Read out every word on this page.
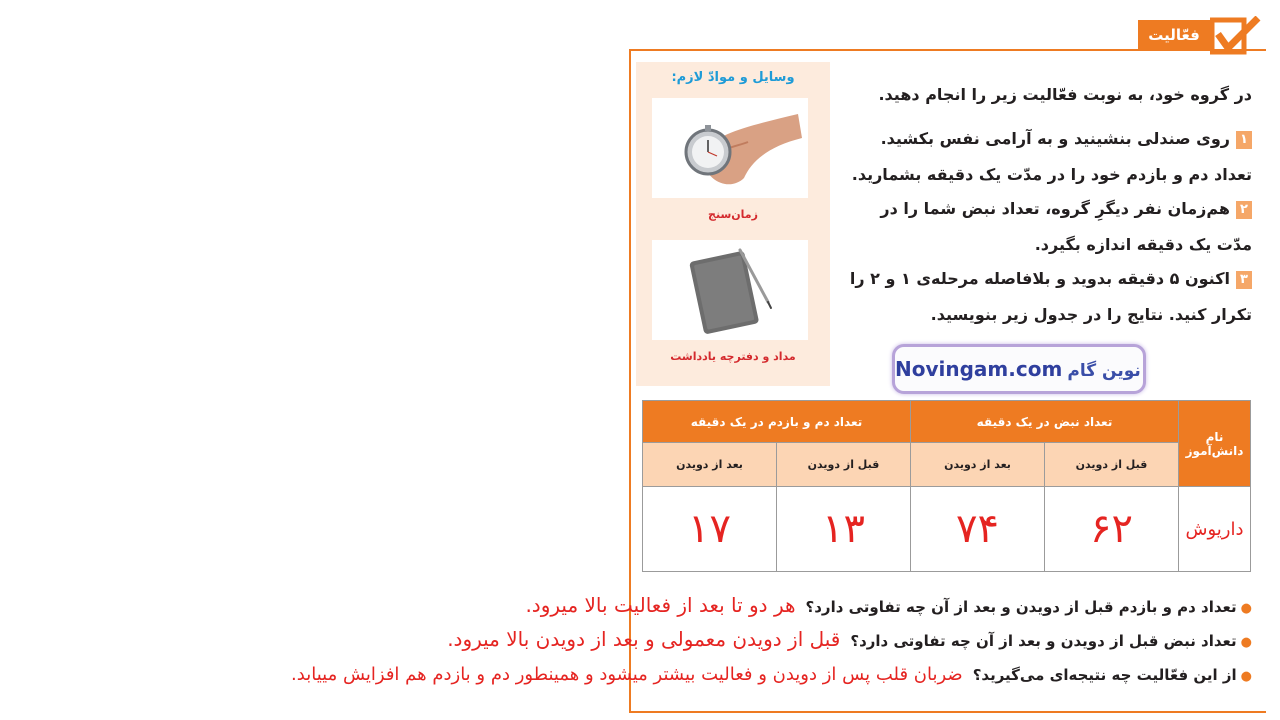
فعّالیت
وسایل و موادّ لازم:
زمان‌سنج
مداد و دفترچه یادداشت
در گروه خود، به نوبت فعّالیت زیر را انجام دهید.
۱روی صندلی بنشینید و به آرامی نفس بکشید. تعداد دم و بازدم خود را در مدّت یک دقیقه بشمارید.
۲هم‌زمان نفر دیگرِ گروه، تعداد نبض شما را در مدّت یک دقیقه اندازه بگیرد.
۳اکنون ۵ دقیقه بدوید و بلافاصله مرحله‌ی ۱ و ۲ را تکرار کنید. نتایج را در جدول زیر بنویسید.
Novingam.com نوین گام
نام دانش‌آموز	تعداد نبض در یک دقیقه		تعداد دم و بازدم در یک دقیقه	
	قبل از دویدن	بعد از دویدن	قبل از دویدن	بعد از دویدن
داریوش	۶۲	۷۴	۱۳	۱۷
●تعداد دم و بازدم قبل از دویدن و بعد از آن چه تفاوتی دارد؟هر دو تا بعد از فعالیت بالا میرود.
●تعداد نبض قبل از دویدن و بعد از آن چه تفاوتی دارد؟قبل از دویدن معمولی و بعد از دویدن بالا میرود.
●از این فعّالیت چه نتیجه‌ای می‌گیرید؟ضربان قلب پس از دویدن و فعالیت بیشتر میشود و همینطور دم و بازدم هم افزایش مییابد.
